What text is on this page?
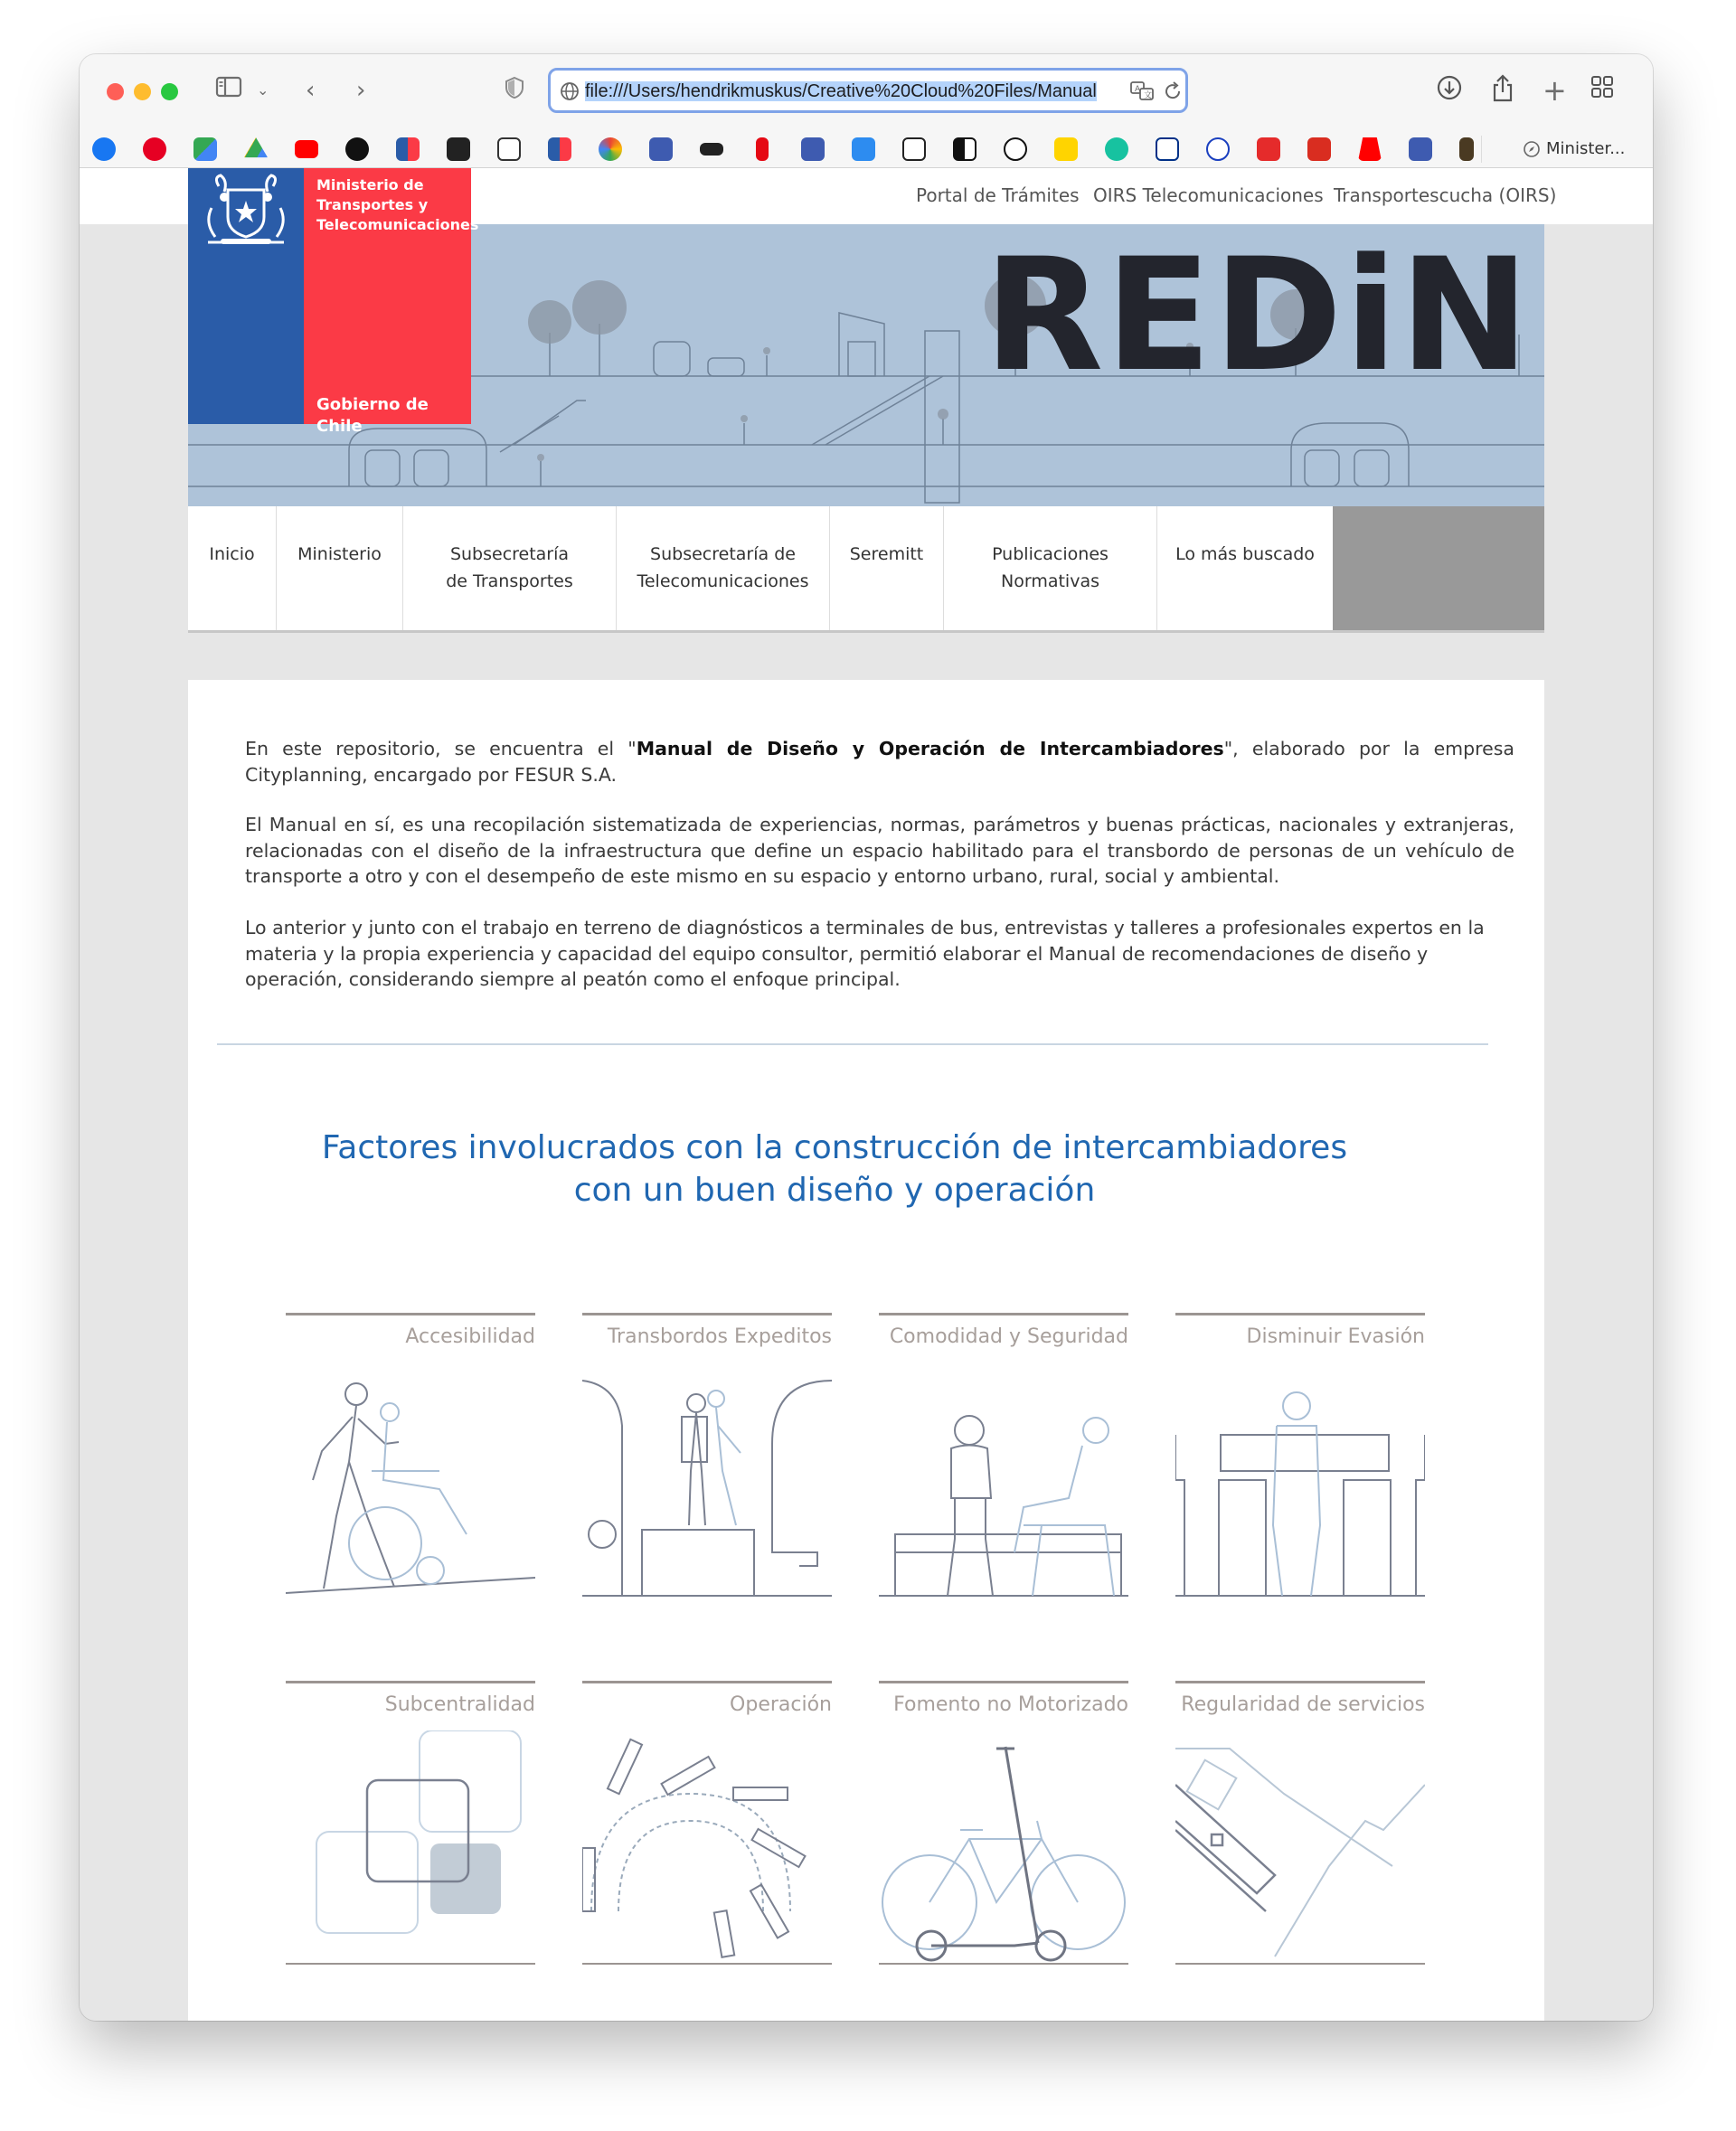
⌄ ‹ ›	file:///Users/hendrikmuskus/Creative%20Cloud%20Files/Manual	A
文	+
Minister...
Portal de Trámites OIRS Telecomunicaciones Transportescucha (OIRS)
REDiN
Ministerio de Transportes y Telecomunicaciones
Gobierno de Chile
Inicio	Ministerio	Subsecretaría de Transportes
Subsecretaría de Telecomunicaciones
Seremitt	Publicaciones Normativas
Lo más buscado

En este repositorio, se encuentra el "Manual de Diseño y Operación de Intercambiadores", elaborado por la empresa Cityplanning, encargado por FESUR S.A.

El Manual en sí, es una recopilación sistematizada de experiencias, normas, parámetros y buenas prácticas, nacionales y extranjeras, relacionadas con el diseño de la infraestructura que define un espacio habilitado para el transbordo de personas de un vehículo de transporte a otro y con el desempeño de este mismo en su espacio y entorno urbano, rural, social y ambiental.

Lo anterior y junto con el trabajo en terreno de diagnósticos a terminales de bus, entrevistas y talleres a profesionales expertos en la materia y la propia experiencia y capacidad del equipo consultor, permitió elaborar el Manual de recomendaciones de diseño y operación, considerando siempre al peatón como el enfoque principal.

Factores involucrados con la construcción de intercambiadores
con un buen diseño y operación
Accesibilidad	Transbordos Expeditos	Comodidad y Seguridad	Disminuir Evasión
Subcentralidad	Operación	Fomento no Motorizado	Regularidad de servicios
